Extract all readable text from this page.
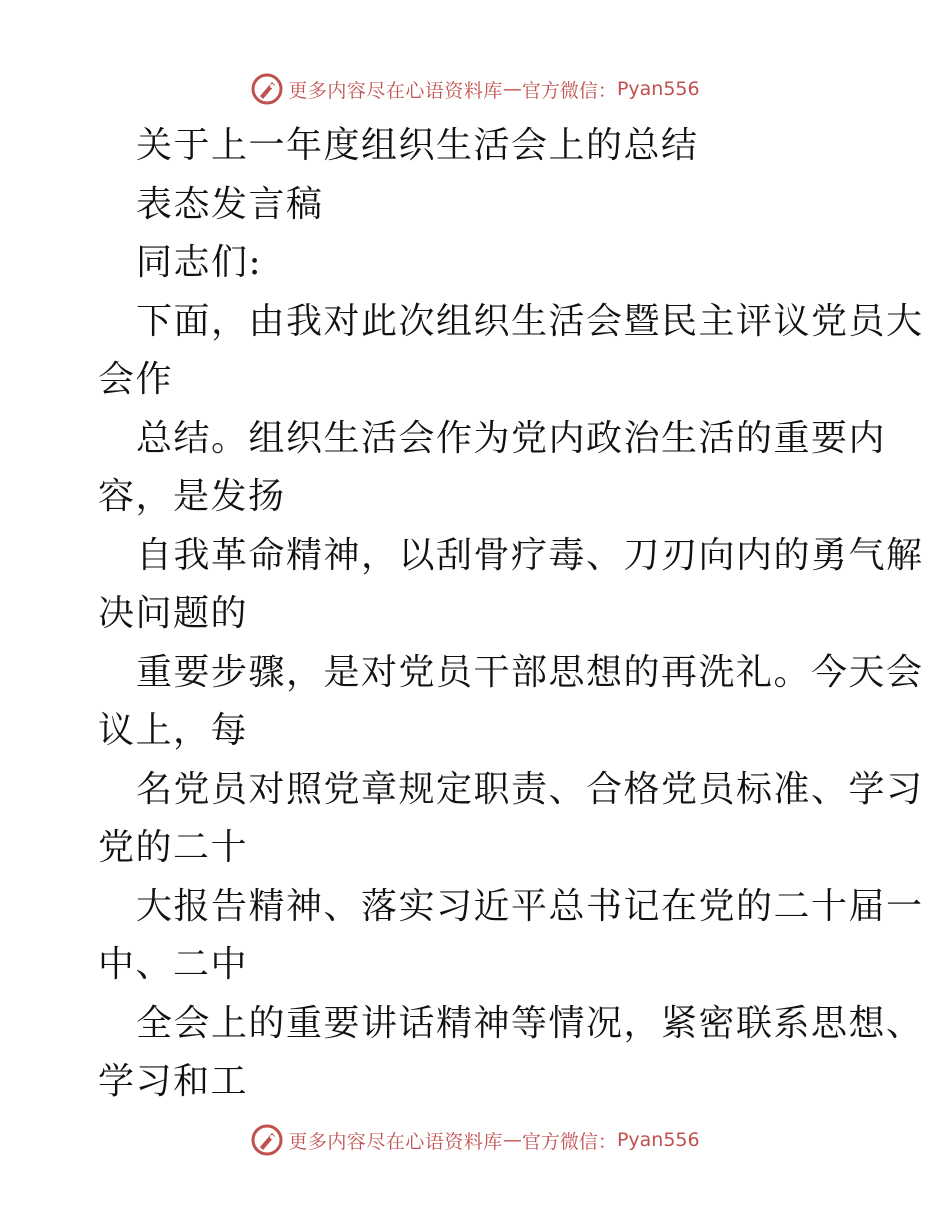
更多内容尽在心语资料库 — 官方微信： Pyan556
关于上一年度组织生活会上的总结
表态发言稿
同志们:
下面，由我对此次组织生活会暨民主评议党员大
会作
总结。组织生活会作为党内政治生活的重要内
容，是发扬
自我革命精神，以刮骨疗毒、刀刃向内的勇气解
决问题的
重要步骤，是对党员干部思想的再洗礼。今天会
议上，每
名党员对照党章规定职责、合格党员标准、学习
党的二十
大报告精神、落实习近平总书记在党的二十届一
中、二中
全会上的重要讲话精神等情况，紧密联系思想、
学习和工
更多内容尽在心语资料库 — 官方微信： Pyan556
